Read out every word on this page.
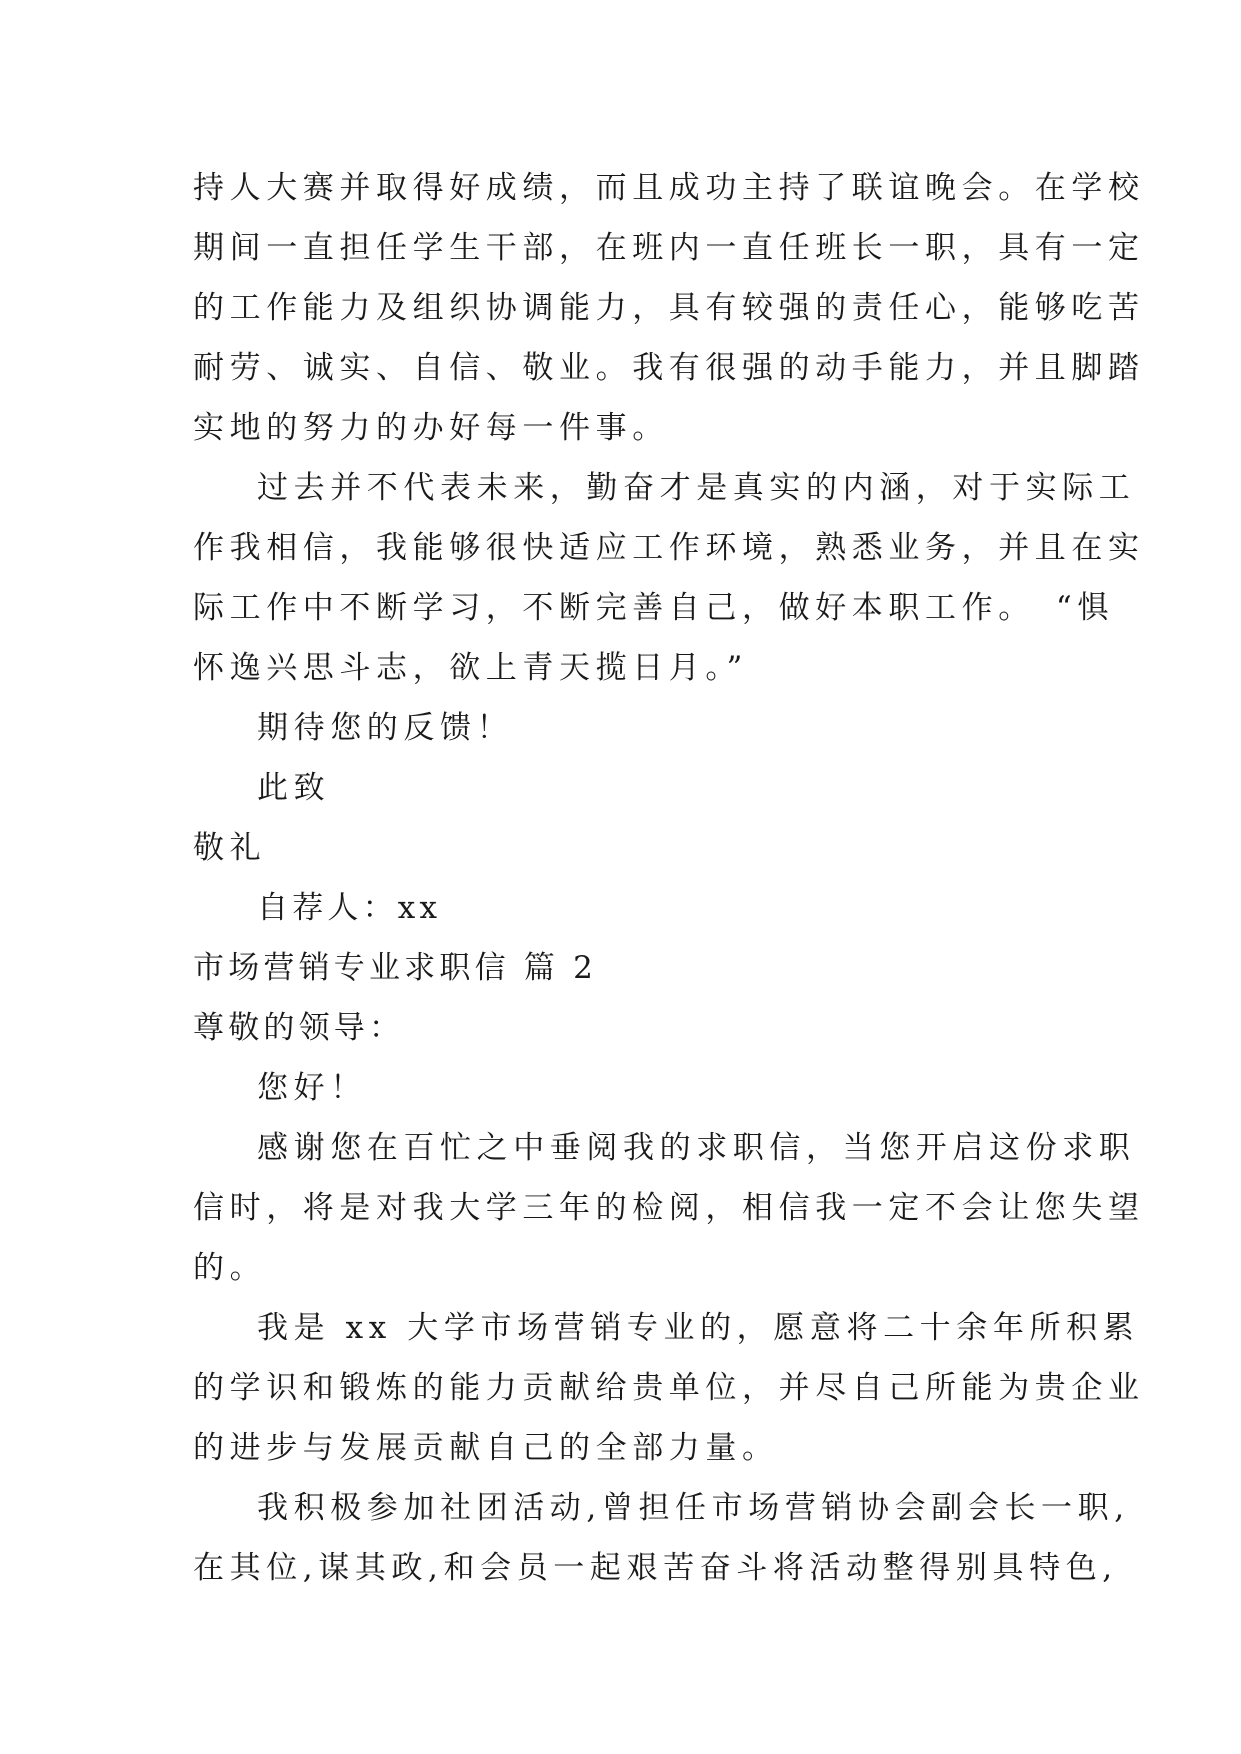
持人大赛并取得好成绩，而且成功主持了联谊晚会。在学校
期间一直担任学生干部，在班内一直任班长一职，具有一定
的工作能力及组织协调能力，具有较强的责任心，能够吃苦
耐劳、诚实、自信、敬业。我有很强的动手能力，并且脚踏
实地的努力的办好每一件事。
过去并不代表未来，勤奋才是真实的内涵，对于实际工
作我相信，我能够很快适应工作环境，熟悉业务，并且在实
际工作中不断学习，不断完善自己，做好本职工作。　“惧
怀逸兴思斗志，欲上青天揽日月。”
期待您的反馈！
此致
敬礼
自荐人：xx
市场营销专业求职信 篇 2
尊敬的领导：
您好！
感谢您在百忙之中垂阅我的求职信，当您开启这份求职
信时，将是对我大学三年的检阅，相信我一定不会让您失望
的。
我是 xx 大学市场营销专业的，愿意将二十余年所积累
的学识和锻炼的能力贡献给贵单位，并尽自己所能为贵企业
的进步与发展贡献自己的全部力量。
我积极参加社团活动,曾担任市场营销协会副会长一职,
在其位,谋其政,和会员一起艰苦奋斗将活动整得别具特色,
